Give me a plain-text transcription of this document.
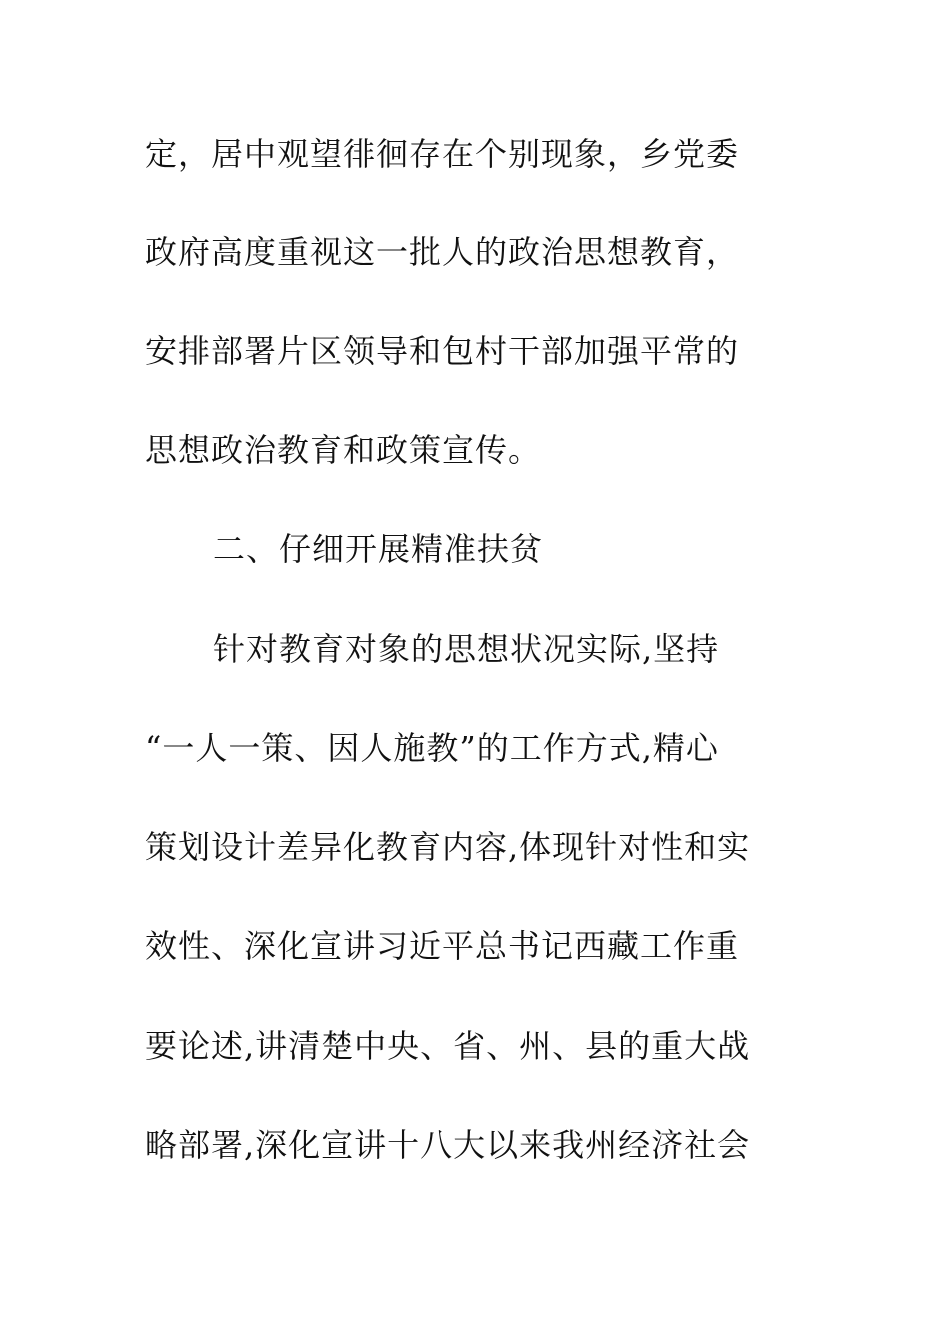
定，居中观望徘徊存在个别现象，乡党委
政府高度重视这一批人的政治思想教育，
安排部署片区领导和包村干部加强平常的
思想政治教育和政策宣传。
二、仔细开展精准扶贫
针对教育对象的思想状况实际,坚持
“一人一策、因人施教”的工作方式,精心
策划设计差异化教育内容,体现针对性和实
效性、深化宣讲习近平总书记西藏工作重
要论述,讲清楚中央、省、州、县的重大战
略部署,深化宣讲十八大以来我州经济社会
